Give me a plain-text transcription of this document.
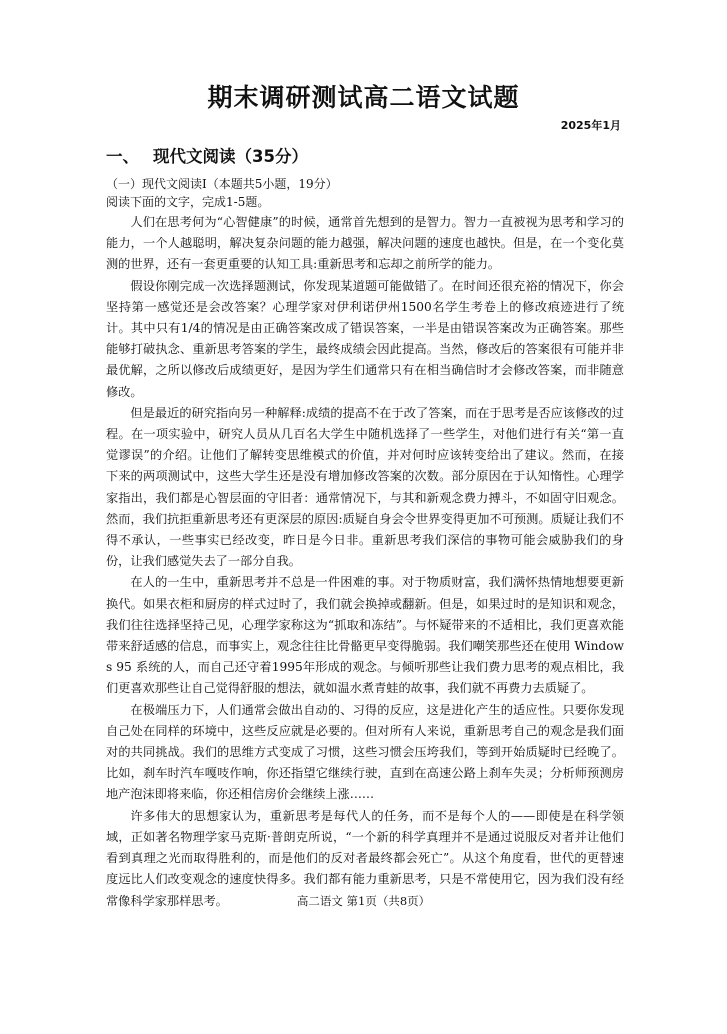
期末调研测试高二语文试题
2025年1月
一、 现代文阅读（35分）
（一）现代文阅读Ⅰ（本题共5小题，19分）
阅读下面的文字，完成1-5题。

人们在思考何为“心智健康”的时候，通常首先想到的是智力。智力一直被视为思考和学习的能力，一个人越聪明，解决复杂问题的能力越强，解决问题的速度也越快。但是，在一个变化莫测的世界，还有一套更重要的认知工具:重新思考和忘却之前所学的能力。

假设你刚完成一次选择题测试，你发现某道题可能做错了。在时间还很充裕的情况下，你会坚持第一感觉还是会改答案？心理学家对伊利诺伊州1500名学生考卷上的修改痕迹进行了统计。其中只有1/4的情况是由正确答案改成了错误答案，一半是由错误答案改为正确答案。那些能够打破执念、重新思考答案的学生，最终成绩会因此提高。当然，修改后的答案很有可能并非最优解，之所以修改后成绩更好，是因为学生们通常只有在相当确信时才会修改答案，而非随意修改。

但是最近的研究指向另一种解释:成绩的提高不在于改了答案，而在于思考是否应该修改的过程。在一项实验中，研究人员从几百名大学生中随机选择了一些学生，对他们进行有关“第一直觉谬误”的介绍。让他们了解转变思维模式的价值，并对何时应该转变给出了建议。然而，在接下来的两项测试中，这些大学生还是没有增加修改答案的次数。部分原因在于认知惰性。心理学家指出，我们都是心智层面的守旧者：通常情况下，与其和新观念费力搏斗，不如固守旧观念。然而，我们抗拒重新思考还有更深层的原因:质疑自身会令世界变得更加不可预测。质疑让我们不得不承认，一些事实已经改变，昨日是今日非。重新思考我们深信的事物可能会威胁我们的身份，让我们感觉失去了一部分自我。

在人的一生中，重新思考并不总是一件困难的事。对于物质财富，我们满怀热情地想要更新换代。如果衣柜和厨房的样式过时了，我们就会换掉或翻新。但是，如果过时的是知识和观念，我们往往选择坚持己见，心理学家称这为“抓取和冻结”。与怀疑带来的不适相比，我们更喜欢能带来舒适感的信息，而事实上，观念往往比骨骼更早变得脆弱。我们嘲笑那些还在使用 Windows 95 系统的人，而自己还守着1995年形成的观念。与倾听那些让我们费力思考的观点相比，我们更喜欢那些让自己觉得舒服的想法，就如温水煮青蛙的故事，我们就不再费力去质疑了。

在极端压力下，人们通常会做出自动的、习得的反应，这是进化产生的适应性。只要你发现自己处在同样的环境中，这些反应就是必要的。但对所有人来说，重新思考自己的观念是我们面对的共同挑战。我们的思维方式变成了习惯，这些习惯会压垮我们，等到开始质疑时已经晚了。比如，刹车时汽车嘎吱作响，你还指望它继续行驶，直到在高速公路上刹车失灵；分析师预测房地产泡沫即将来临，你还相信房价会继续上涨……

许多伟大的思想家认为，重新思考是每代人的任务，而不是每个人的——即使是在科学领域，正如著名物理学家马克斯·普朗克所说，“一个新的科学真理并不是通过说服反对者并让他们看到真理之光而取得胜利的，而是他们的反对者最终都会死亡”。从这个角度看，世代的更替速度远比人们改变观念的速度快得多。我们都有能力重新思考，只是不常使用它，因为我们没有经常像科学家那样思考。	高二语文 第1页（共8页）
